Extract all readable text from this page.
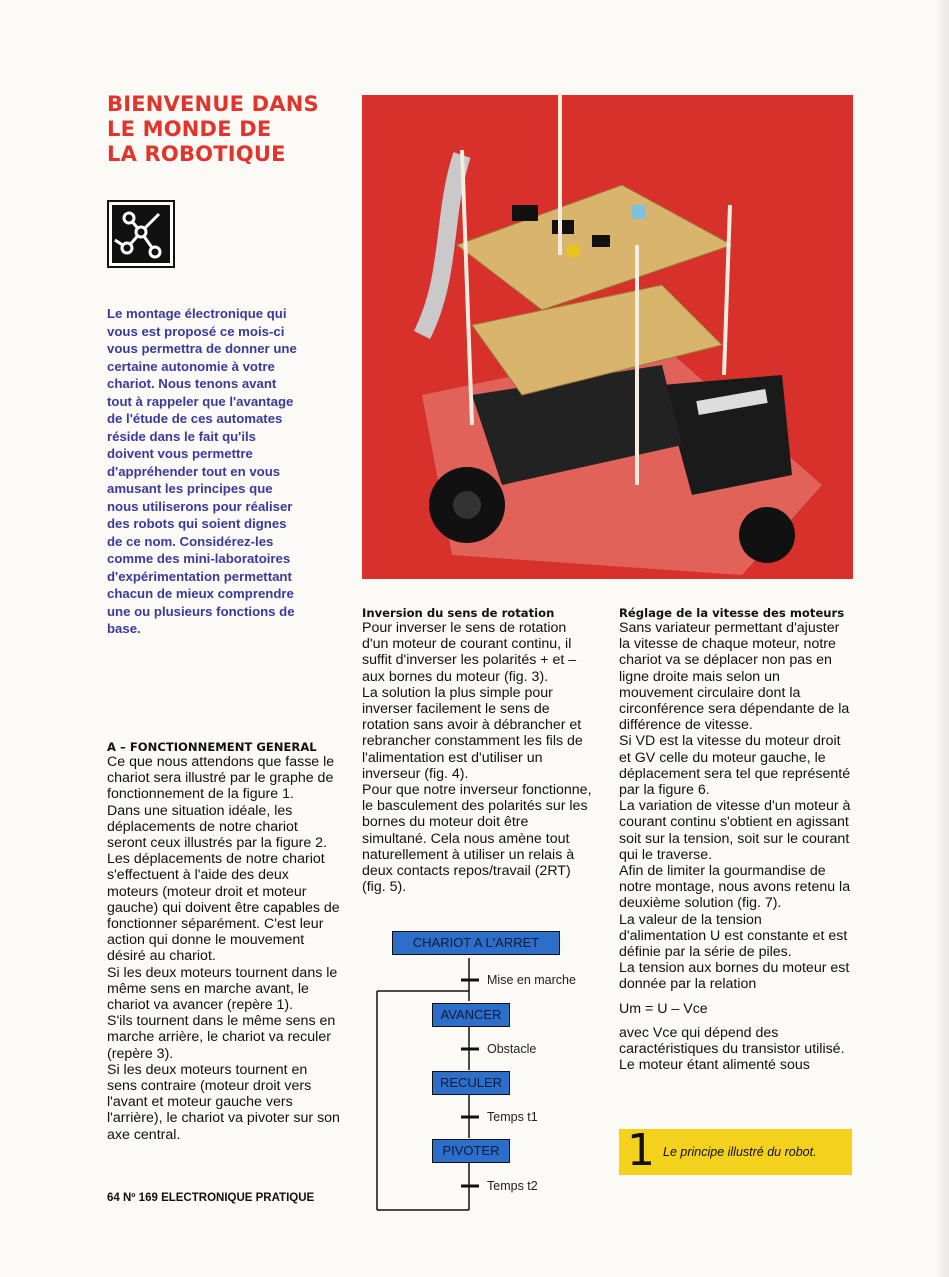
BIENVENUE DANS
LE MONDE DE
LA ROBOTIQUE
Le montage électronique qui vous est proposé ce mois-ci vous permettra de donner une certaine autonomie à votre chariot. Nous tenons avant tout à rappeler que l'avantage de l'étude de ces automates réside dans le fait qu'ils doivent vous permettre d'appréhender tout en vous amusant les principes que nous utiliserons pour réaliser des robots qui soient dignes de ce nom. Considérez-les comme des mini-laboratoires d'expérimentation permettant chacun de mieux comprendre une ou plusieurs fonctions de base.

A – FONCTIONNEMENT GENERAL

Ce que nous attendons que fasse le chariot sera illustré par le graphe de fonctionnement de la figure 1.

Dans une situation idéale, les déplacements de notre chariot seront ceux illustrés par la figure 2.

Les déplacements de notre chariot s'effectuent à l'aide des deux moteurs (moteur droit et moteur gauche) qui doivent être capables de fonctionner séparément. C'est leur action qui donne le mouvement désiré au chariot.

Si les deux moteurs tournent dans le même sens en marche avant, le chariot va avancer (repère 1).

S'ils tournent dans le même sens en marche arrière, le chariot va reculer (repère 3).

Si les deux moteurs tournent en sens contraire (moteur droit vers l'avant et moteur gauche vers l'arrière), le chariot va pivoter sur son axe central.

Inversion du sens de rotation

Pour inverser le sens de rotation d'un moteur de courant continu, il suffit d'inverser les polarités + et – aux bornes du moteur (fig. 3).

La solution la plus simple pour inverser facilement le sens de rotation sans avoir à débrancher et rebrancher constamment les fils de l'alimentation est d'utiliser un inverseur (fig. 4).

Pour que notre inverseur fonctionne, le basculement des polarités sur les bornes du moteur doit être simultané. Cela nous amène tout naturellement à utiliser un relais à deux contacts repos/travail (2RT) (fig. 5).

Réglage de la vitesse des moteurs

Sans variateur permettant d'ajuster la vitesse de chaque moteur, notre chariot va se déplacer non pas en ligne droite mais selon un mouvement circulaire dont la circonférence sera dépendante de la différence de vitesse.

Si VD est la vitesse du moteur droit et GV celle du moteur gauche, le déplacement sera tel que représenté par la figure 6.

La variation de vitesse d'un moteur à courant continu s'obtient en agissant soit sur la tension, soit sur le courant qui le traverse.

Afin de limiter la gourmandise de notre montage, nous avons retenu la deuxième solution (fig. 7).

La valeur de la tension d'alimentation U est constante et est définie par la série de piles.

La tension aux bornes du moteur est donnée par la relation

Um = U – Vce

avec Vce qui dépend des caractéristiques du transistor utilisé.

Le moteur étant alimenté sous

CHARIOT A L'ARRET
AVANCER
RECULER
PIVOTER
Mise en marche
Obstacle
Temps t1
Temps t2
1 Le principe illustré du robot.
64 Nº 169 ELECTRONIQUE PRATIQUE
